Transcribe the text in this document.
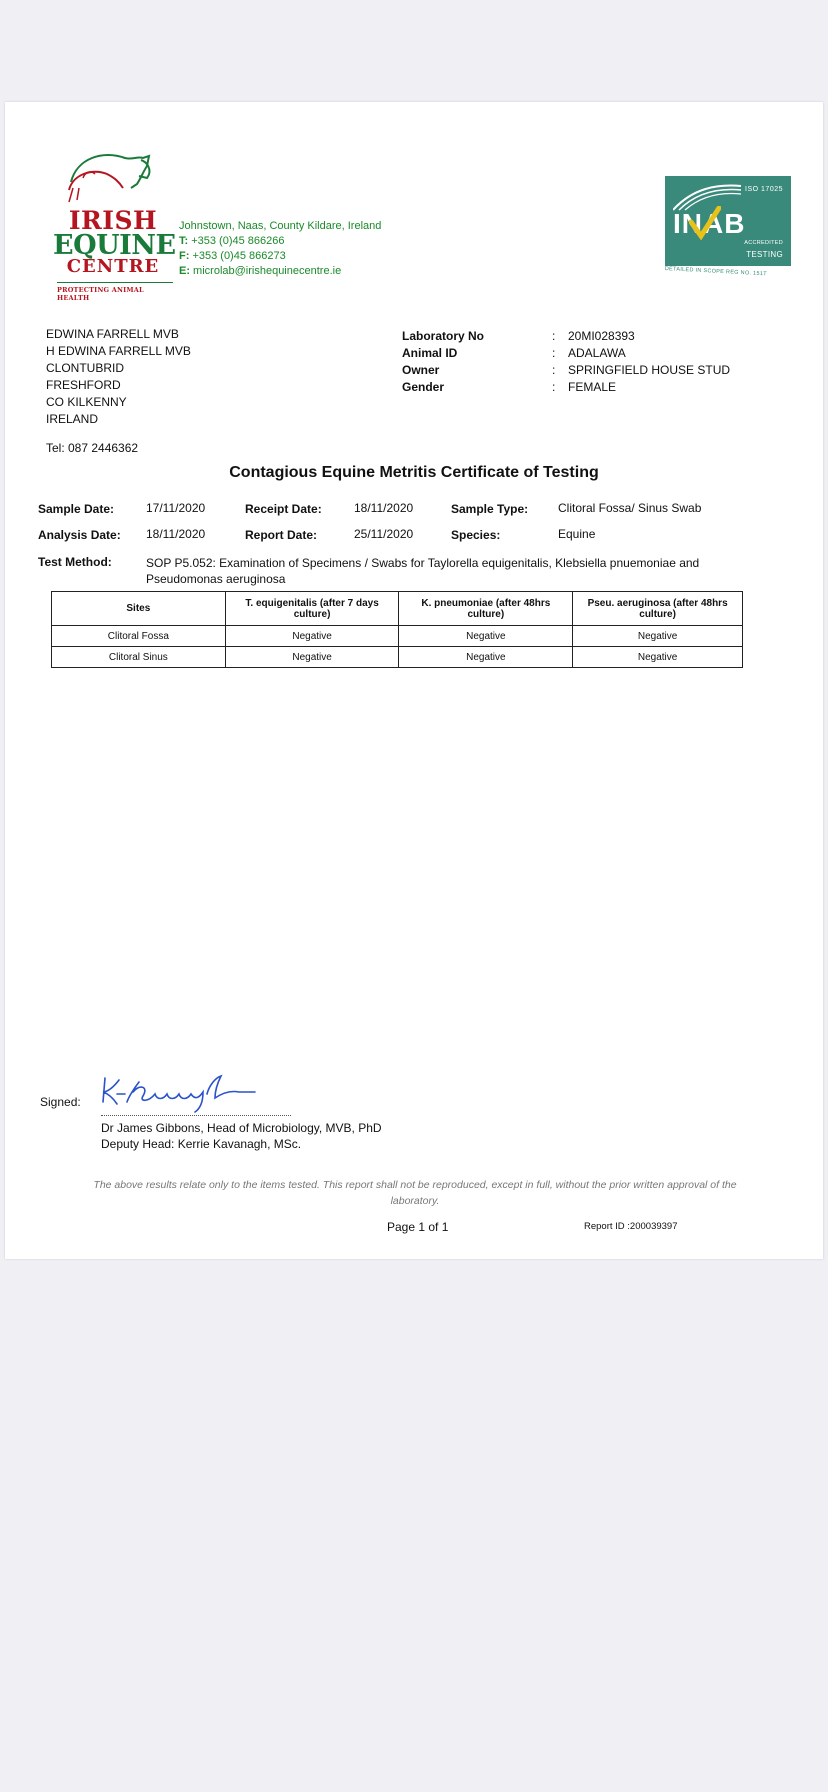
IRISH
EQUINE
CENTRE
PROTECTING ANIMAL HEALTH
Johnstown, Naas, County Kildare, Ireland
T: +353 (0)45 866266
F: +353 (0)45 866273
E: microlab@irishequinecentre.ie
ISO 17025
INAB
ACCREDITED
TESTING
DETAILED IN SCOPE REG NO. 151T
EDWINA FARRELL MVB
H EDWINA FARRELL MVB
CLONTUBRID
FRESHFORD
CO KILKENNY
IRELAND
Tel: 087 2446362
Laboratory No	:	20MI028393
Animal ID	:	ADALAWA
Owner	:	SPRINGFIELD HOUSE STUD
Gender	:	FEMALE
Contagious Equine Metritis Certificate of Testing
Sample Date:	17/11/2020	Receipt Date:	18/11/2020	Sample Type: Clitoral Fossa/ Sinus Swab
Analysis Date: 18/11/2020	Report Date:	25/11/2020	Species:	Equine
Test Method:	SOP P5.052: Examination of Specimens / Swabs for Taylorella equigenitalis, Klebsiella pnuemoniae and
Pseudomonas aeruginosa
Sites	T. equigenitalis (after 7 days culture)	K. pneumoniae (after 48hrs culture)	Pseu. aeruginosa (after 48hrs culture)
Clitoral Fossa	Negative	Negative	Negative
Clitoral Sinus	Negative	Negative	Negative
Signed:
Dr James Gibbons, Head of Microbiology, MVB, PhD
Deputy Head: Kerrie Kavanagh, MSc.
The above results relate only to the items tested. This report shall not be reproduced, except in full, without the prior written approval of the laboratory.
Page 1 of 1	Report ID :200039397
